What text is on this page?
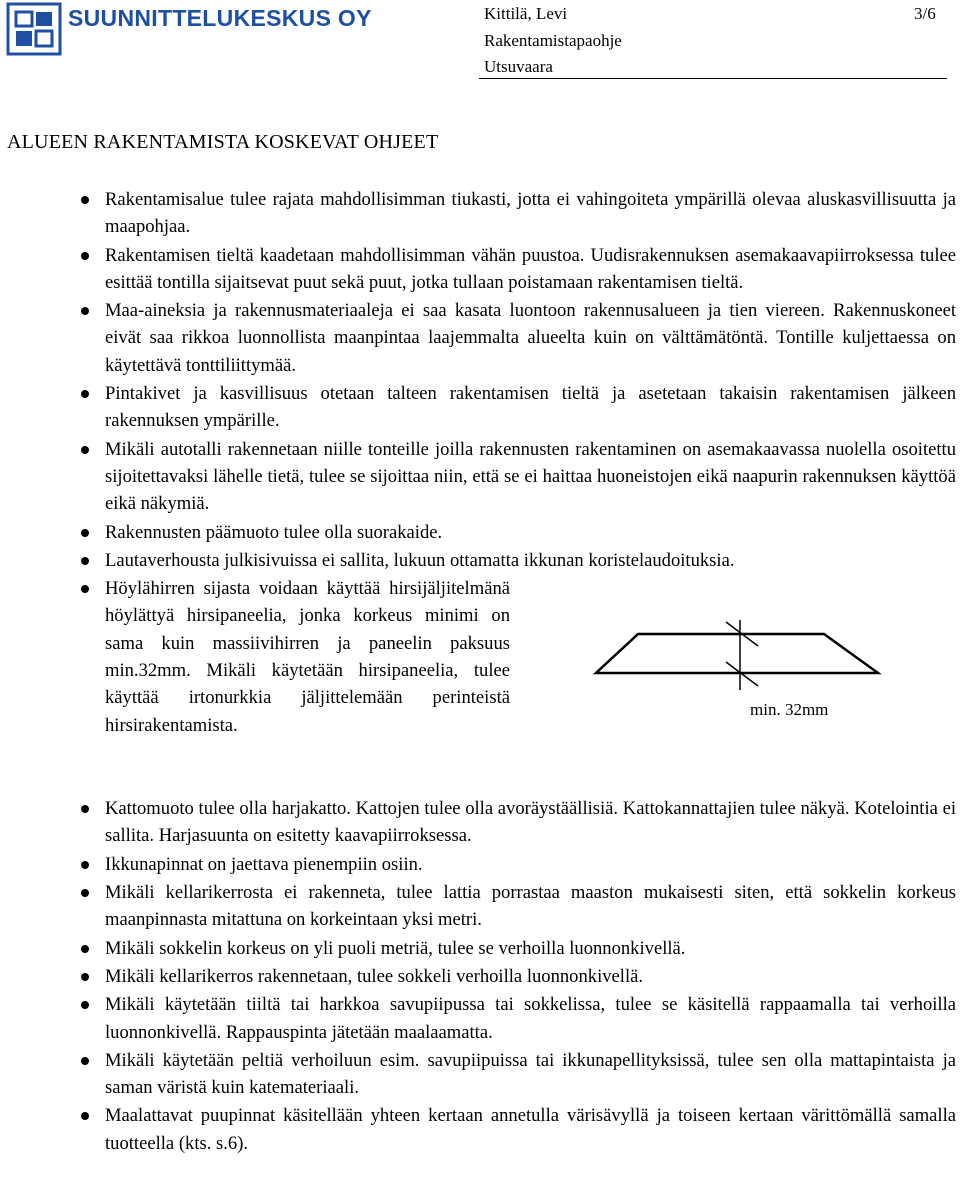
SUUNNITTELUKESKUS OY	Kittilä, Levi	3/6
Rakentamistapaohje
Utsuvaara
ALUEEN RAKENTAMISTA KOSKEVAT OHJEET
Rakentamisalue tulee rajata mahdollisimman tiukasti, jotta ei vahingoiteta ympärillä olevaa aluskasvillisuutta ja maapohjaa.
Rakentamisen tieltä kaadetaan mahdollisimman vähän puustoa. Uudisrakennuksen asemakaavapiirroksessa tulee esittää tontilla sijaitsevat puut sekä puut, jotka tullaan poistamaan rakentamisen tieltä.
Maa-aineksia ja rakennusmateriaaleja ei saa kasata luontoon rakennusalueen ja tien viereen. Rakennuskoneet eivät saa rikkoa luonnollista maanpintaa laajemmalta alueelta kuin on välttämätöntä. Tontille kuljettaessa on käytettävä tonttiliittymää.
Pintakivet ja kasvillisuus otetaan talteen rakentamisen tieltä ja asetetaan takaisin rakentamisen jälkeen rakennuksen ympärille.
Mikäli autotalli rakennetaan niille tonteille joilla rakennusten rakentaminen on asemakaavassa nuolella osoitettu sijoitettavaksi lähelle tietä, tulee se sijoittaa niin, että se ei haittaa huoneistojen eikä naapurin rakennuksen käyttöä eikä näkymiä.
Rakennusten päämuoto tulee olla suorakaide.
Lautaverhousta julkisivuissa ei sallita, lukuun ottamatta ikkunan koristelaudoituksia.
Höylähirren sijasta voidaan käyttää hirsijäljitelmänä höylättyä hirsipaneelia, jonka korkeus minimi on sama kuin massiivihirren ja paneelin paksuus min.32mm. Mikäli käytetään hirsipaneelia, tulee käyttää irtonurkkia jäljittelemään perinteistä hirsirakentamista.
Kattomuoto tulee olla harjakatto. Kattojen tulee olla avoräystäällisiä. Kattokannattajien tulee näkyä. Kotelointia ei sallita. Harjasuunta on esitetty kaavapiirroksessa.
Ikkunapinnat on jaettava pienempiin osiin.
Mikäli kellarikerrosta ei rakenneta, tulee lattia porrastaa maaston mukaisesti siten, että sokkelin korkeus maanpinnasta mitattuna on korkeintaan yksi metri.
Mikäli sokkelin korkeus on yli puoli metriä, tulee se verhoilla luonnonkivellä.
Mikäli kellarikerros rakennetaan, tulee sokkeli verhoilla luonnonkivellä.
Mikäli käytetään tiiltä tai harkkoa savupiipussa tai sokkelissa, tulee se käsitellä rappaamalla tai verhoilla luonnonkivellä. Rappauspinta jätetään maalaamatta.
Mikäli käytetään peltiä verhoiluun esim. savupiipuissa tai ikkunapellityksissä, tulee sen olla mattapintaista ja saman väristä kuin katemateriaali.
Maalattavat puupinnat käsitellään yhteen kertaan annetulla värisävyllä ja toiseen kertaan värittömällä samalla tuotteella (kts. s.6).
min. 32mm
